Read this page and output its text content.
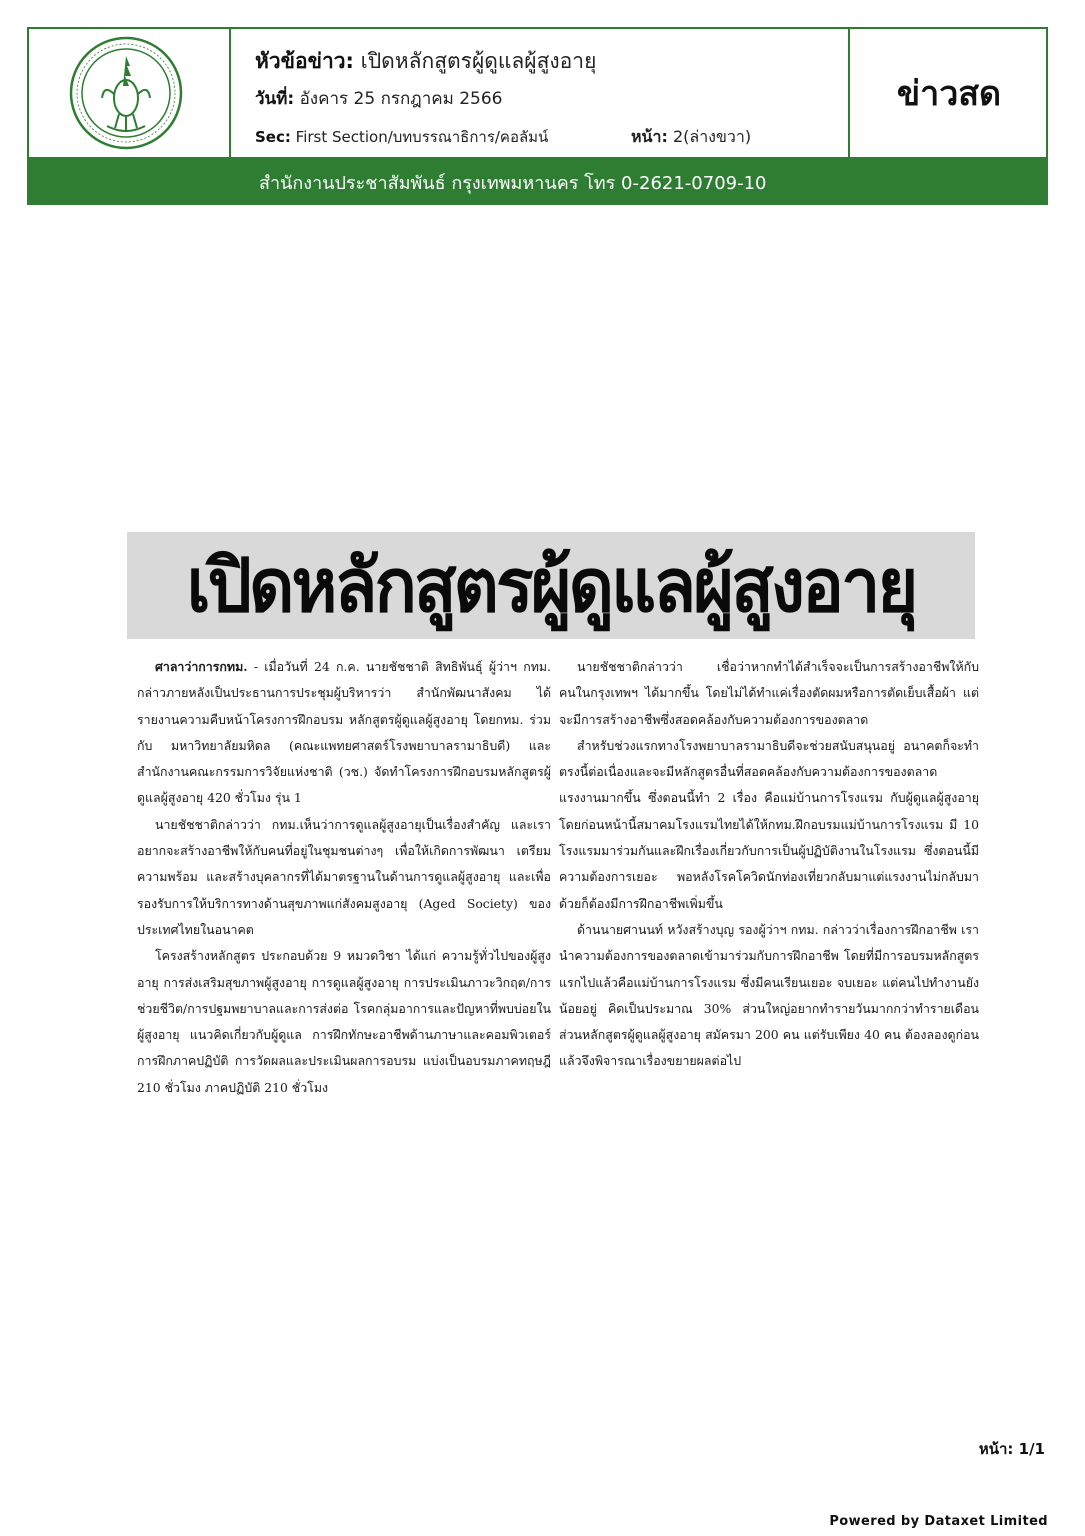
หัวข้อข่าว: เปิดหลักสูตรผู้ดูแลผู้สูงอายุ
วันที่: อังคาร 25 กรกฎาคม 2566
Sec: First Section/บทบรรณาธิการ/คอลัมน์	หน้า: 2(ล่างขวา)
ข่าวสด
สำนักงานประชาสัมพันธ์ กรุงเทพมหานคร โทร 0-2621-0709-10
เปิดหลักสูตรผู้ดูแลผู้สูงอายุ

ศาลาว่าการกทม. - เมื่อวันที่ 24 ก.ค. นายชัชชาติ สิทธิพันธุ์ ผู้ว่าฯ กทม. กล่าวภายหลังเป็นประธานการประชุมผู้บริหารว่า สำนักพัฒนาสังคม ได้รายงานความคืบหน้าโครงการฝึกอบรม หลักสูตรผู้ดูแลผู้สูงอายุ โดยกทม. ร่วมกับ มหาวิทยาลัยมหิดล (คณะแพทยศาสตร์โรงพยาบาลรามาธิบดี) และสำนักงานคณะกรรมการวิจัยแห่งชาติ (วช.) จัดทำโครงการฝึกอบรมหลักสูตรผู้ดูแลผู้สูงอายุ 420 ชั่วโมง รุ่น 1

นายชัชชาติกล่าวว่า กทม.เห็นว่าการดูแลผู้สูงอายุเป็นเรื่องสำคัญ และเราอยากจะสร้างอาชีพให้กับคนที่อยู่ในชุมชนต่างๆ เพื่อให้เกิดการพัฒนา เตรียมความพร้อม และสร้างบุคลากรที่ได้มาตรฐานในด้านการดูแลผู้สูงอายุ และเพื่อรองรับการให้บริการทางด้านสุขภาพแก่สังคมสูงอายุ (Aged Society) ของประเทศไทยในอนาคต

โครงสร้างหลักสูตร ประกอบด้วย 9 หมวดวิชา ได้แก่ ความรู้ทั่วไปของผู้สูงอายุ การส่งเสริมสุขภาพผู้สูงอายุ การดูแลผู้สูงอายุ การประเมินภาวะวิกฤต/การช่วยชีวิต/การปฐมพยาบาลและการส่งต่อ โรคกลุ่มอาการและปัญหาที่พบบ่อยในผู้สูงอายุ แนวคิดเกี่ยวกับผู้ดูแล การฝึกทักษะอาชีพด้านภาษาและคอมพิวเตอร์ การฝึกภาคปฏิบัติ การวัดผลและประเมินผลการอบรม แบ่งเป็นอบรมภาคทฤษฎี 210 ชั่วโมง ภาคปฏิบัติ 210 ชั่วโมง

นายชัชชาติกล่าวว่า เชื่อว่าหากทำได้สำเร็จจะเป็นการสร้างอาชีพให้กับคนในกรุงเทพฯ ได้มากขึ้น โดยไม่ได้ทำแค่เรื่องตัดผมหรือการตัดเย็บเสื้อผ้า แต่จะมีการสร้างอาชีพซึ่งสอดคล้องกับความต้องการของตลาด

สำหรับช่วงแรกทางโรงพยาบาลรามาธิบดีจะช่วยสนับสนุนอยู่ อนาคตก็จะทำตรงนี้ต่อเนื่องและจะมีหลักสูตรอื่นที่สอดคล้องกับความต้องการของตลาดแรงงานมากขึ้น ซึ่งตอนนี้ทำ 2 เรื่อง คือแม่บ้านการโรงแรม กับผู้ดูแลผู้สูงอายุ โดยก่อนหน้านี้สมาคมโรงแรมไทยได้ให้กทม.ฝึกอบรมแม่บ้านการโรงแรม มี 10 โรงแรมมาร่วมกันและฝึกเรื่องเกี่ยวกับการเป็นผู้ปฏิบัติงานในโรงแรม ซึ่งตอนนี้มีความต้องการเยอะ พอหลังโรคโควิดนักท่องเที่ยวกลับมาแต่แรงงานไม่กลับมาด้วยก็ต้องมีการฝึกอาชีพเพิ่มขึ้น

ด้านนายศานนท์ หวังสร้างบุญ รองผู้ว่าฯ กทม. กล่าวว่าเรื่องการฝึกอาชีพ เรานำความต้องการของตลาดเข้ามาร่วมกับการฝึกอาชีพ โดยที่มีการอบรมหลักสูตรแรกไปแล้วคือแม่บ้านการโรงแรม ซึ่งมีคนเรียนเยอะ จบเยอะ แต่คนไปทำงานยังน้อยอยู่ คิดเป็นประมาณ 30% ส่วนใหญ่อยากทำรายวันมากกว่าทำรายเดือน ส่วนหลักสูตรผู้ดูแลผู้สูงอายุ สมัครมา 200 คน แต่รับเพียง 40 คน ต้องลองดูก่อนแล้วจึงพิจารณาเรื่องขยายผลต่อไป

หน้า: 1/1
Powered by Dataxet Limited
